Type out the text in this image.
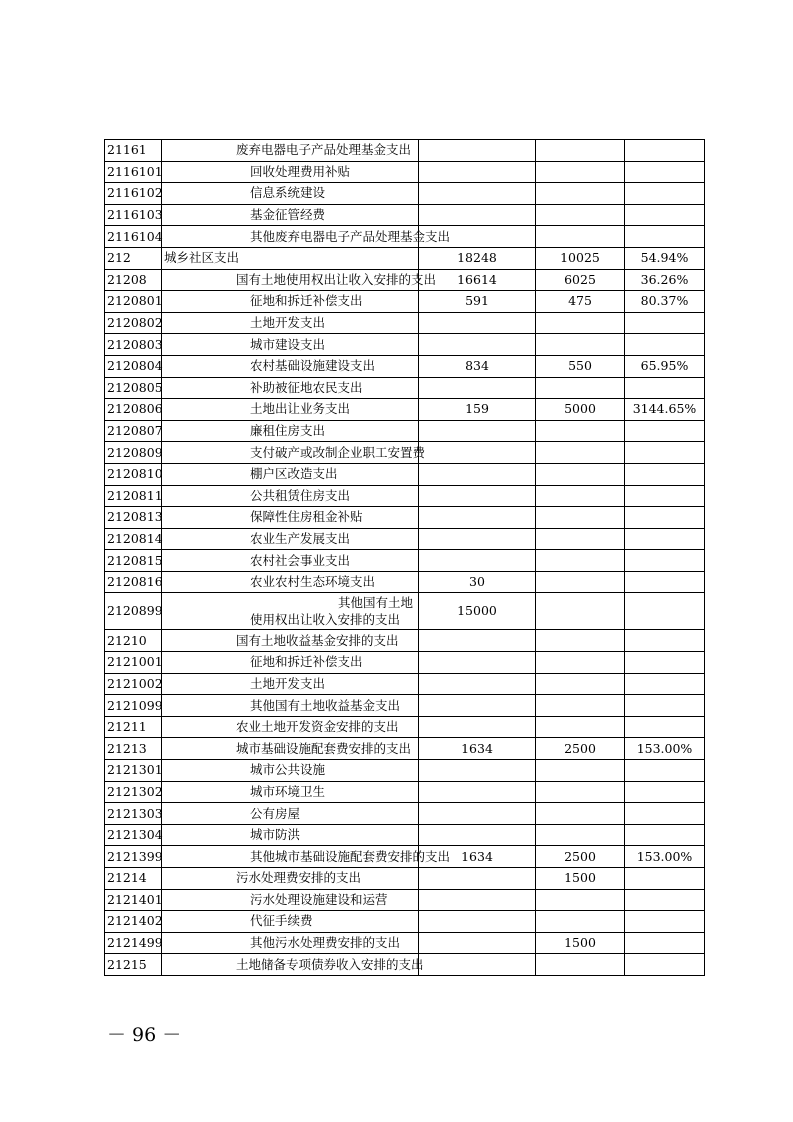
21161	废弃电器电子产品处理基金支出			
2116101	回收处理费用补贴			
2116102	信息系统建设			
2116103	基金征管经费			
2116104	其他废弃电器电子产品处理基金支出			
212	城乡社区支出	18248	10025	54.94%
21208	国有土地使用权出让收入安排的支出	16614	6025	36.26%
2120801	征地和拆迁补偿支出	591	475	80.37%
2120802	土地开发支出			
2120803	城市建设支出			
2120804	农村基础设施建设支出	834	550	65.95%
2120805	补助被征地农民支出			
2120806	土地出让业务支出	159	5000	3144.65%
2120807	廉租住房支出			
2120809	支付破产或改制企业职工安置费			
2120810	棚户区改造支出			
2120811	公共租赁住房支出			
2120813	保障性住房租金补贴			
2120814	农业生产发展支出			
2120815	农村社会事业支出			
2120816	农业农村生态环境支出	30		
2120899	其他国有土地使用权出让收入安排的支出	15000		
21210	国有土地收益基金安排的支出			
2121001	征地和拆迁补偿支出			
2121002	土地开发支出			
2121099	其他国有土地收益基金支出			
21211	农业土地开发资金安排的支出			
21213	城市基础设施配套费安排的支出	1634	2500	153.00%
2121301	城市公共设施			
2121302	城市环境卫生			
2121303	公有房屋			
2121304	城市防洪			
2121399	其他城市基础设施配套费安排的支出	1634	2500	153.00%
21214	污水处理费安排的支出		1500	
2121401	污水处理设施建设和运营			
2121402	代征手续费			
2121499	其他污水处理费安排的支出		1500	
21215	土地储备专项债券收入安排的支出			
－ 96 －
